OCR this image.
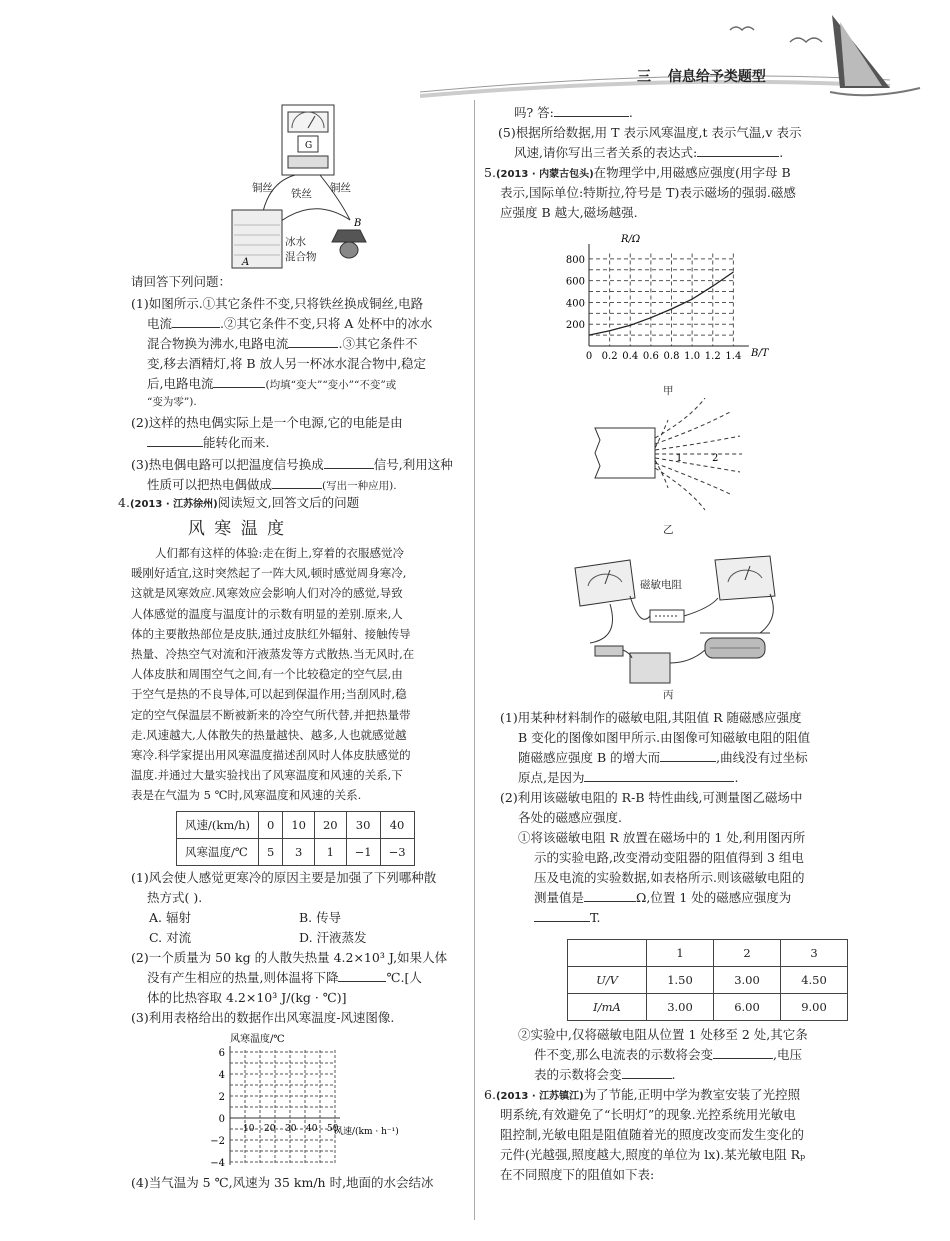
三 信息给予类题型
A
B
G
铜丝 铁丝 铜丝
冰水
混合物

请回答下列问题：

(1)如图所示.①其它条件不变,只将铁丝换成铜丝,电路

电流	.②其它条件不变,只将 A 处杯中的冰水

混合物换为沸水,电路电流	.③其它条件不

变,移去酒精灯,将 B 放人另一杯冰水混合物中,稳定

后,电路电流	(均填“变大”“变小”“不变”或

“变为零”).

(2)这样的热电偶实际上是一个电源,它的电能是由

能转化而来.

(3)热电偶电路可以把温度信号换成	信号,利用这种

性质可以把热电偶做成	(写出一种应用).

4.(2013 · 江苏徐州)阅读短文,回答文后的问题
风 寒 温 度
人们都有这样的体验:走在街上,穿着的衣服感觉冷
暖刚好适宜,这时突然起了一阵大风,顿时感觉周身寒冷,
这就是风寒效应.风寒效应会影响人们对冷的感觉,导致
人体感觉的温度与温度计的示数有明显的差别.原来,人
体的主要散热部位是皮肤,通过皮肤红外辐射、接触传导
热量、冷热空气对流和汗液蒸发等方式散热.当无风时,在
人体皮肤和周围空气之间,有一个比较稳定的空气层,由
于空气是热的不良导体,可以起到保温作用;当刮风时,稳
定的空气保温层不断被新来的冷空气所代替,并把热量带
走.风速越大,人体散失的热量越快、越多,人也就感觉越
寒冷.科学家提出用风寒温度描述刮风时人体皮肤感觉的
温度.并通过大量实验找出了风寒温度和风速的关系,下
表是在气温为 5 ℃时,风寒温度和风速的关系.
风速/(km/h)	0	10	20	30	40
风寒温度/℃	5	3	1	−1	−3

(1)风会使人感觉更寒冷的原因主要是加强了下列哪种散

热方式( ).

A. 辐射	B. 传导

C. 对流	D. 汗液蒸发

(2)一个质量为 50 kg 的人散失热量 4.2×10³ J,如果人体

没有产生相应的热量,则体温将下降	℃.[人

体的比热容取 4.2×10³ J/(kg · ℃)]

(3)利用表格给出的数据作出风寒温度-风速图像.

风寒温度/℃
风速/(km · h⁻¹)
6
4
2
0
−2
−4
10 20 30 40 50
(4)当气温为 5 ℃,风速为 35 km/h 时,地面的水会结冰

吗? 答:	.

(5)根据所给数据,用 T 表示风寒温度,t 表示气温,v 表示

风速,请你写出三者关系的表达式:	.

5.(2013 · 内蒙古包头)在物理学中,用磁感应强度(用字母 B

表示,国际单位:特斯拉,符号是 T)表示磁场的强弱.磁感

应强度 B 越大,磁场越强.

R/Ω
B/T
200
400
600
800
0 0.2 0.4 0.6 0.8 1.0 1.2 1.4
甲
1	2
乙
磁敏电阻
丙

(1)用某种材料制作的磁敏电阻,其阻值 R 随磁感应强度

B 变化的图像如图甲所示.由图像可知磁敏电阻的阻值

随磁感应强度 B 的增大而	,曲线没有过坐标

原点,是因为	.

(2)利用该磁敏电阻的 R-B 特性曲线,可测量图乙磁场中

各处的磁感应强度.

①将该磁敏电阻 R 放置在磁场中的 1 处,利用图丙所

示的实验电路,改变滑动变阻器的阻值得到 3 组电

压及电流的实验数据,如表格所示.则该磁敏电阻的

测量值是	Ω,位置 1 处的磁感应强度为

T.

	1	2	3
U/V	1.50	3.00	4.50
I/mA	3.00	6.00	9.00

②实验中,仅将磁敏电阻从位置 1 处移至 2 处,其它条

件不变,那么电流表的示数将会变	,电压

表的示数将会变	.

6.(2013 · 江苏镇江)为了节能,正明中学为教室安装了光控照

明系统,有效避免了“长明灯”的现象.光控系统用光敏电

阻控制,光敏电阻是阻值随着光的照度改变而发生变化的

元件(光越强,照度越大,照度的单位为 lx).某光敏电阻 Rₚ

在不同照度下的阻值如下表:
